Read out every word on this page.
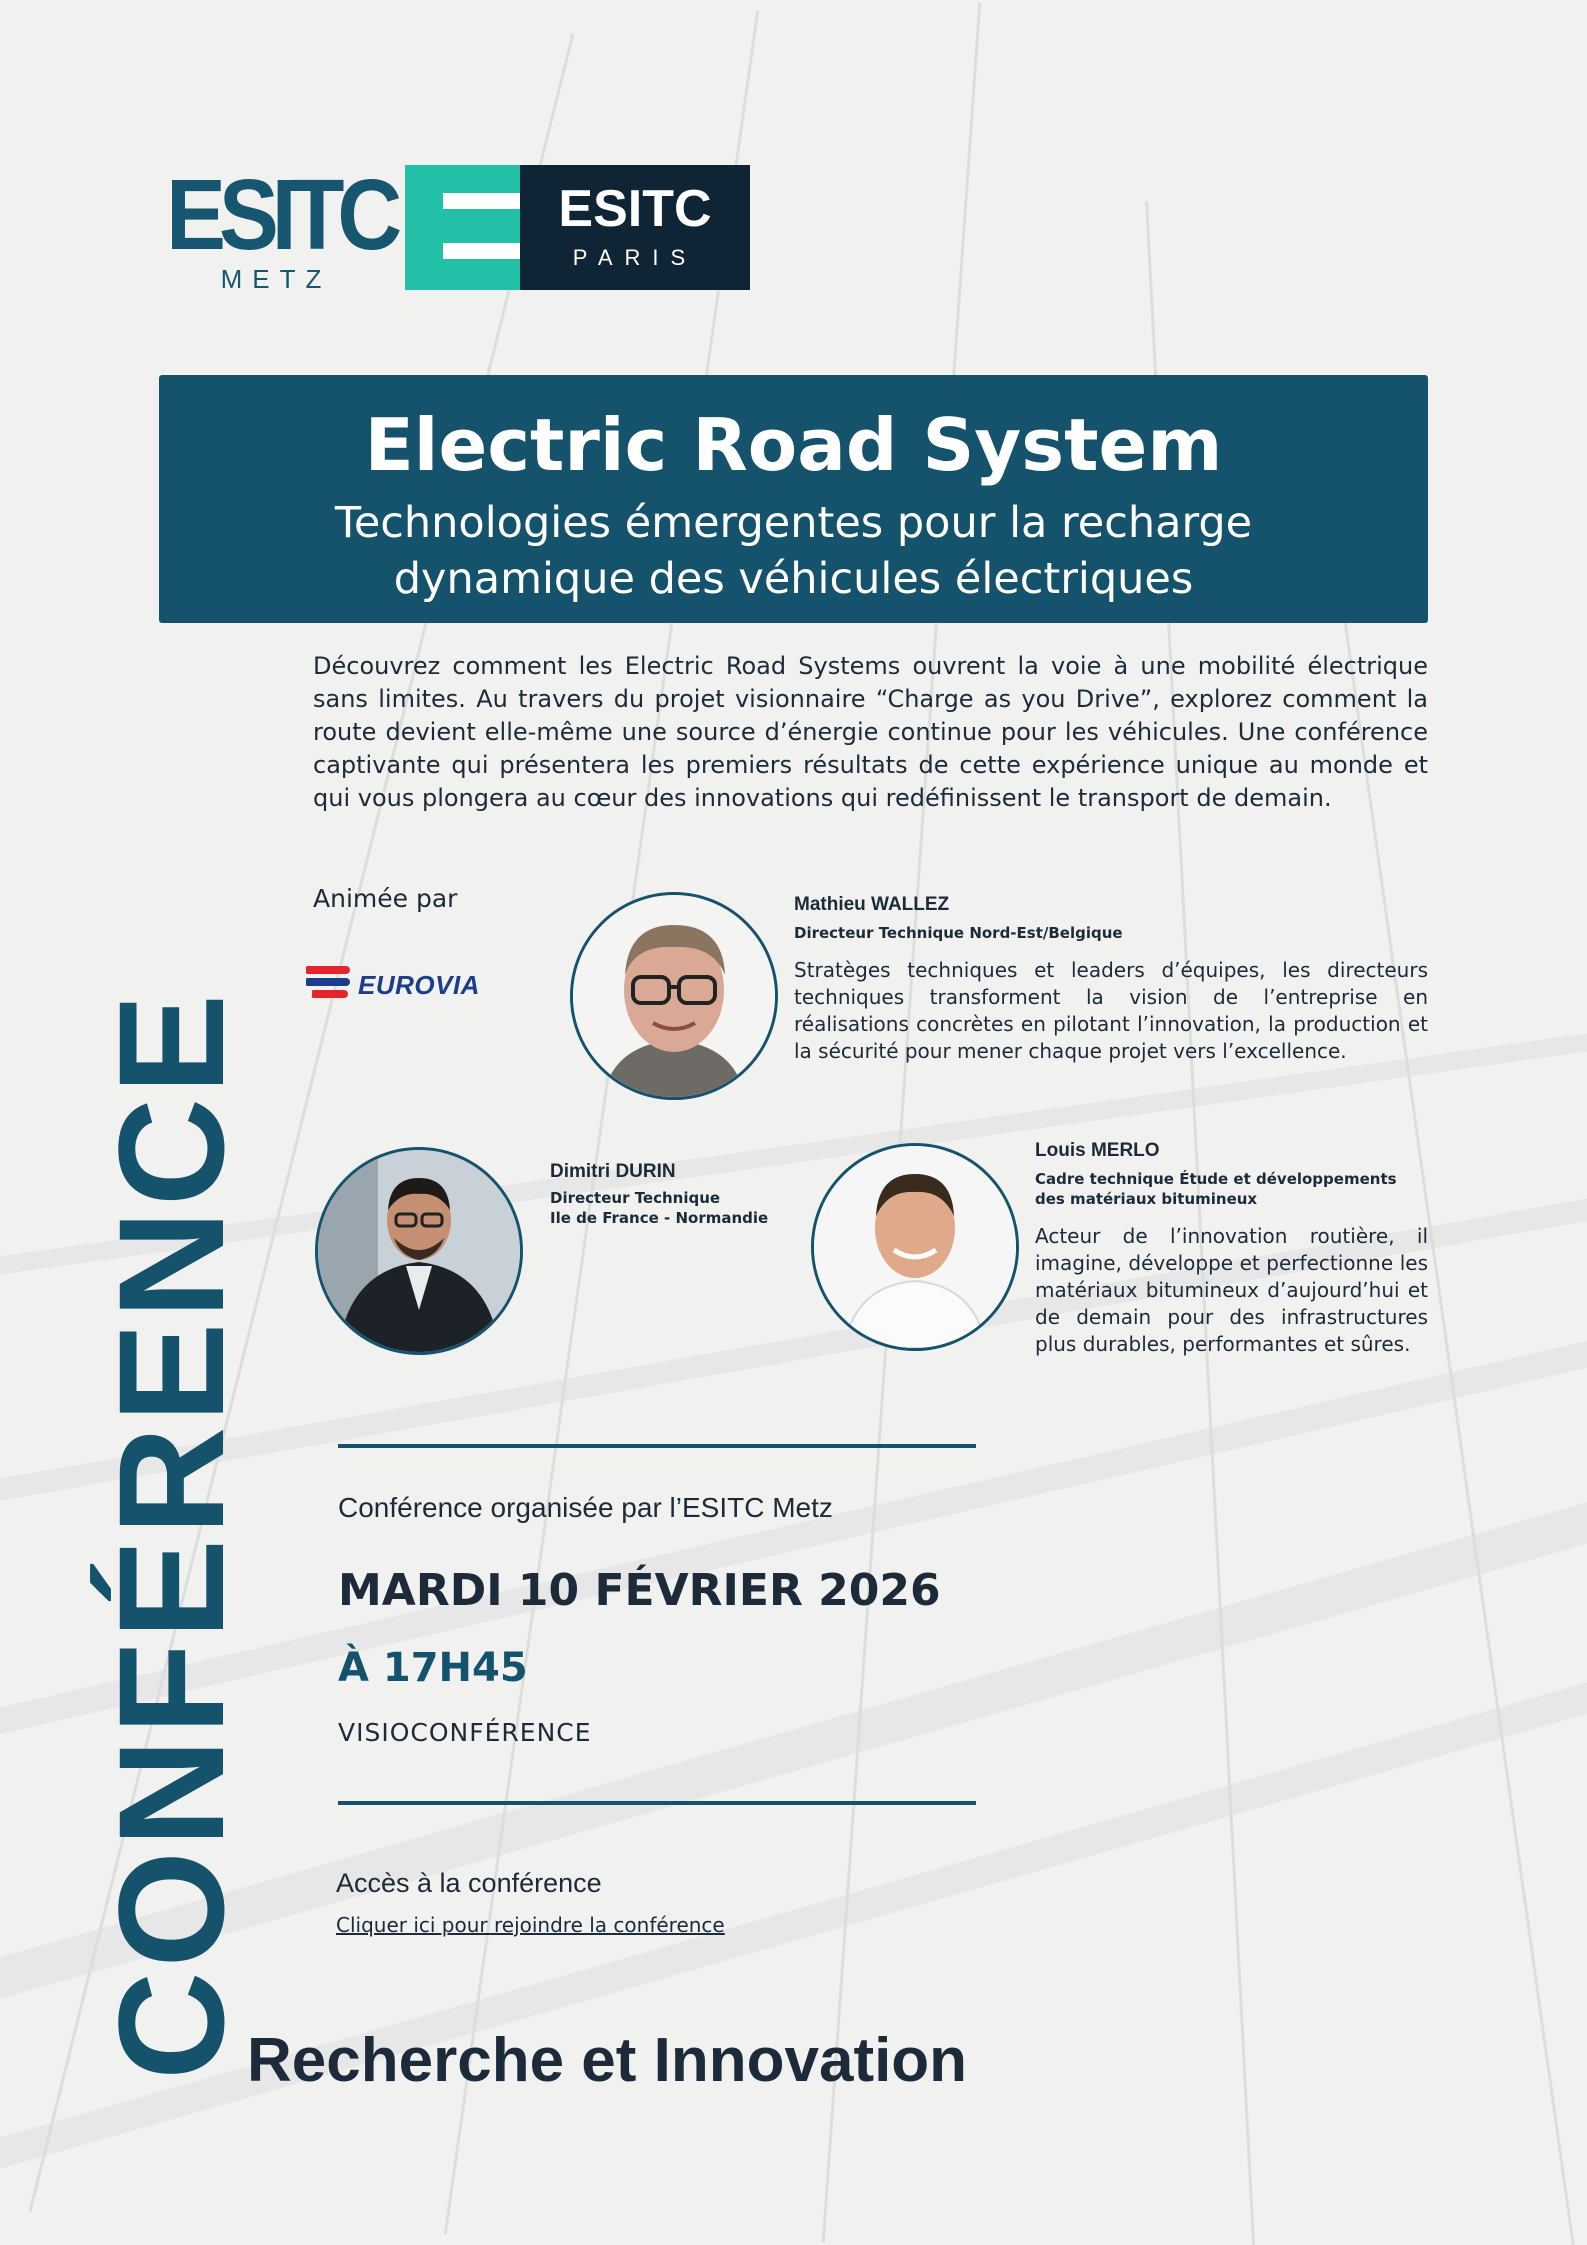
ESITC
METZ
ESITC
PARIS
Electric Road System
Technologies émergentes pour la recharge
dynamique des véhicules électriques
Découvrez comment les Electric Road Systems ouvrent la voie à une mobilité électrique sans limites. Au travers du projet visionnaire “Charge as you Drive”, explorez comment la route devient elle-même une source d’énergie continue pour les véhicules. Une conférence captivante qui présentera les premiers résultats de cette expérience unique au monde et qui vous plongera au cœur des innovations qui redéfinissent le transport de demain.
Animée par
EUROVIA
Mathieu WALLEZ
Directeur Technique Nord-Est/Belgique
Stratèges techniques et leaders d’équipes, les directeurs techniques transforment la vision de l’entreprise en réalisations concrètes en pilotant l’innovation, la production et la sécurité pour mener chaque projet vers l’excellence.
Dimitri DURIN
Directeur Technique
Ile de France - Normandie
Louis MERLO
Cadre technique Étude et développements
des matériaux bitumineux
Acteur de l’innovation routière, il imagine, développe et perfectionne les matériaux bitumineux d’aujourd’hui et de demain pour des infrastructures plus durables, performantes et sûres.
Conférence organisée par l’ESITC Metz
MARDI 10 FÉVRIER 2026
À 17H45
VISIOCONFÉRENCE
Accès à la conférence
Cliquer ici pour rejoindre la conférence
CONFÉRENCE
Recherche et Innovation
